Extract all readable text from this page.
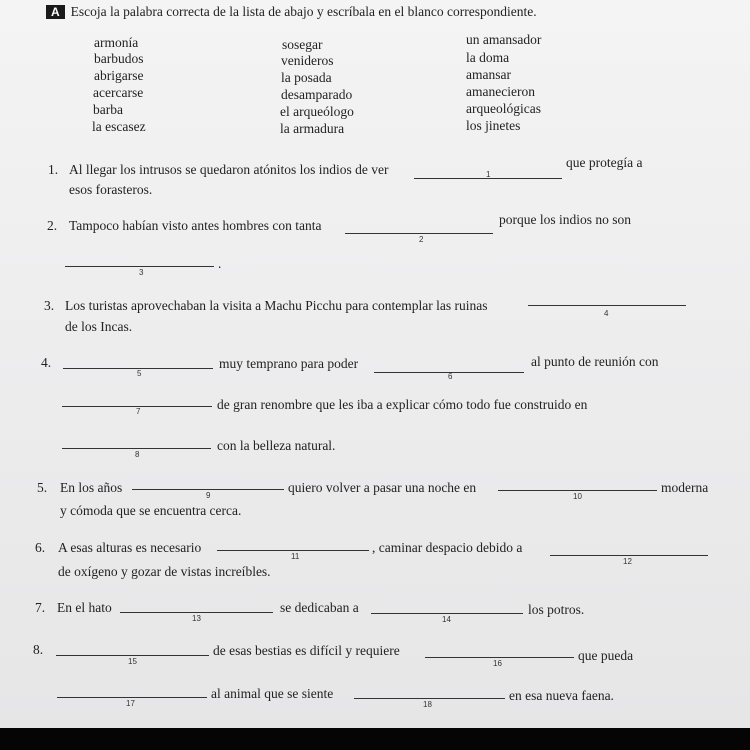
A Escoja la palabra correcta de la lista de abajo y escríbala en el blanco correspondiente.
armonía
barbudos
abrigarse
acercarse
barba
la escasez
sosegar
venideros
la posada
desamparado
el arqueólogo
la armadura
un amansador
la doma
amansar
amanecieron
arqueológicas
los jinetes
1. Al llegar los intrusos se quedaron atónitos los indios de ver	1
que protegía a
esos forasteros.
2. Tampoco habían visto antes hombres con tanta
2
porque los indios no son
3
.
3. Los turistas aprovechaban la visita a Machu Picchu para contemplar las ruinas
4
de los Incas.
4.
5
muy temprano para poder
6
al punto de reunión con
7	de gran renombre que les iba a explicar cómo todo fue construido en
8
con la belleza natural.
5. En los años
9
quiero volver a pasar una noche en
10
moderna
y cómoda que se encuentra cerca.
6. A esas alturas es necesario
11
, caminar despacio debido a
12
de oxígeno y gozar de vistas increíbles.
7. En el hato
13
se dedicaban a
14
los potros.
8.
15
de esas bestias es difícil y requiere
16
que pueda
17
al animal que se siente
18
en esa nueva faena.
